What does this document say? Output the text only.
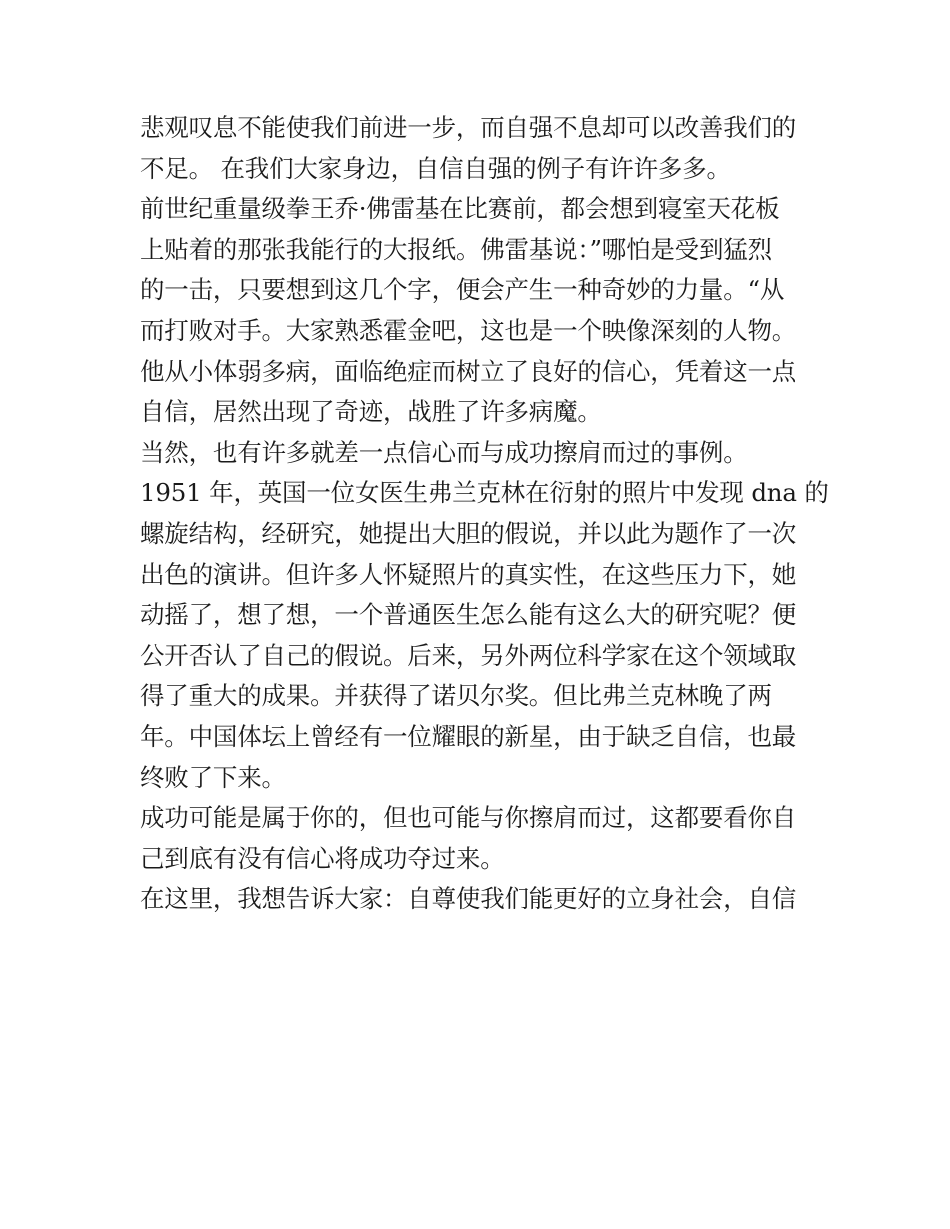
悲观叹息不能使我们前进一步，而自强不息却可以改善我们的
不足。 在我们大家身边，自信自强的例子有许许多多。
前世纪重量级拳王乔·佛雷基在比赛前，都会想到寝室天花板
上贴着的那张我能行的大报纸。佛雷基说：”哪怕是受到猛烈
的一击，只要想到这几个字，便会产生一种奇妙的力量。“从
而打败对手。大家熟悉霍金吧，这也是一个映像深刻的人物。
他从小体弱多病，面临绝症而树立了良好的信心，凭着这一点
自信，居然出现了奇迹，战胜了许多病魔。
当然，也有许多就差一点信心而与成功擦肩而过的事例。
1951 年，英国一位女医生弗兰克林在衍射的照片中发现 dna 的
螺旋结构，经研究，她提出大胆的假说，并以此为题作了一次
出色的演讲。但许多人怀疑照片的真实性，在这些压力下，她
动摇了，想了想，一个普通医生怎么能有这么大的研究呢？便
公开否认了自己的假说。后来，另外两位科学家在这个领域取
得了重大的成果。并获得了诺贝尔奖。但比弗兰克林晚了两
年。中国体坛上曾经有一位耀眼的新星，由于缺乏自信，也最
终败了下来。
成功可能是属于你的，但也可能与你擦肩而过，这都要看你自
己到底有没有信心将成功夺过来。
在这里，我想告诉大家：自尊使我们能更好的立身社会，自信
